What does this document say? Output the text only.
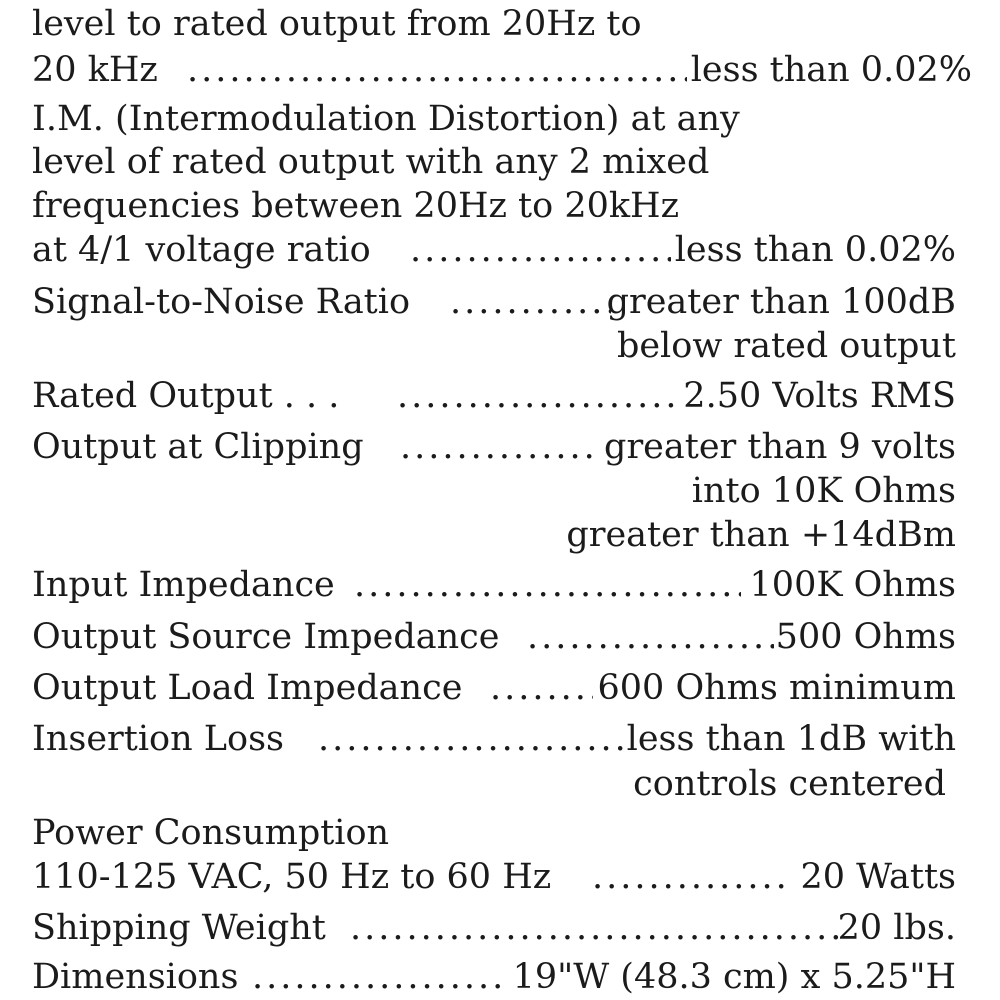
level to rated output from 20Hz to
20 kHz .....	less than 0.02%
I.M. (Intermodulation Distortion) at any
level of rated output with any 2 mixed
frequencies between 20Hz to 20kHz
at 4/1 voltage ratio .....	less than 0.02%
Signal-to-Noise Ratio .....	greater than 100dB
below rated output
Rated Output . . . .....	2.50 Volts RMS
Output at Clipping .....	greater than 9 volts
into 10K Ohms
greater than +14dBm
Input Impedance .....	100K Ohms
Output Source Impedance .....	500 Ohms
Output Load Impedance .....	600 Ohms minimum
Insertion Loss .....	less than 1dB with
controls centered
Power Consumption
110-125 VAC, 50 Hz to 60 Hz .....	20 Watts
Shipping Weight .....	20 lbs.
Dimensions .....	19"W (48.3 cm) x 5.25"H
